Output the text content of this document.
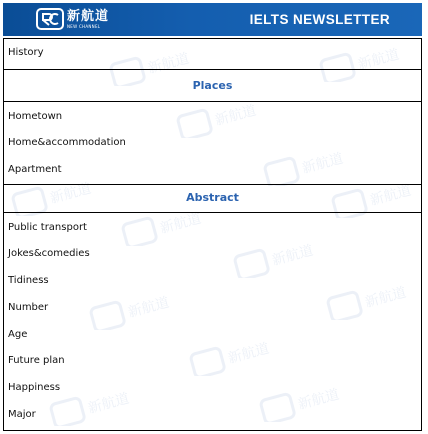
新航道
NEW CHANNEL	IELTS NEWSLETTER
新航道	新航道
新航道
新航道
新航道
新航道
新航道
新航道
新航道	新航道
新航道
新航道	新航道
History
Places
Hometown
Home&accommodation
Apartment
Abstract
Public transport
Jokes&comedies
Tidiness
Number
Age
Future plan
Happiness
Major
